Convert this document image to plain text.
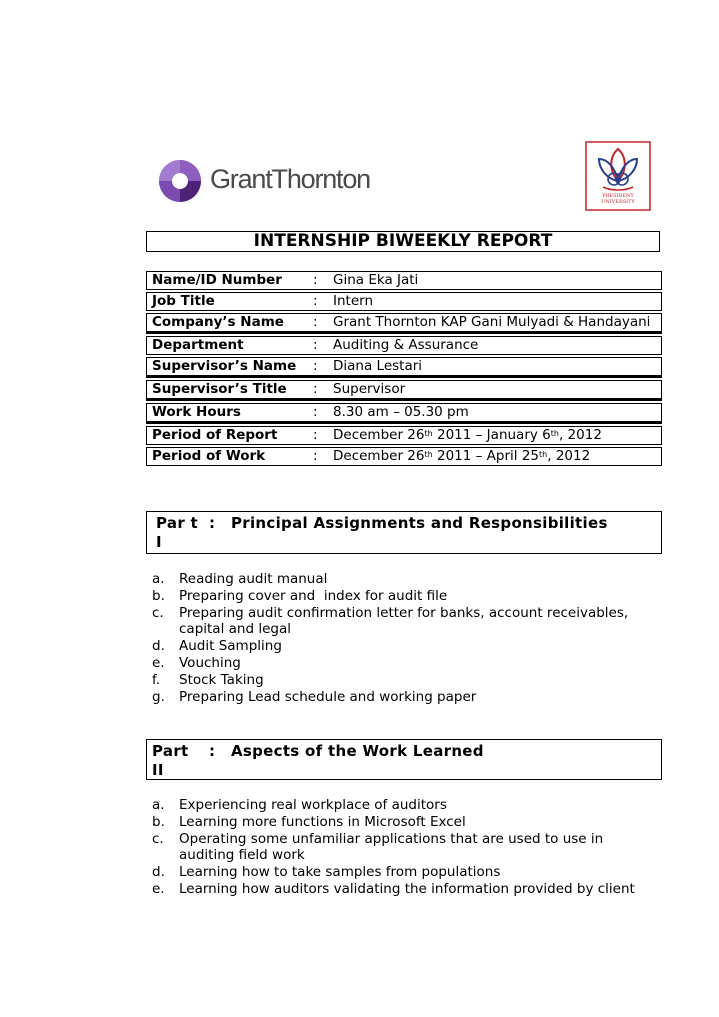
GrantThornton
PRESIDENT UNIVERSITY
INTERNSHIP BIWEEKLY REPORT
Name/ID Number	:	Gina Eka Jati
Job Title	:	Intern
Company’s Name	:	Grant Thornton KAP Gani Mulyadi & Handayani
Department	:	Auditing & Assurance
Supervisor’s Name	:	Diana Lestari
Supervisor’s Title	:	Supervisor
Work Hours	:	8.30 am – 05.30 pm
Period of Report	:	December 26th 2011 – January 6th, 2012
Period of Work	:	December 26th 2011 – April 25th, 2012
Par t I
: Principal Assignments and Responsibilities
a.	Reading audit manual
b.	Preparing cover and  index for audit file
c.	Preparing audit confirmation letter for banks, account receivables, capital and legal
d.	Audit Sampling
e.	Vouching
f.	Stock Taking
g.	Preparing Lead schedule and working paper
Part II
: Aspects of the Work Learned
a.	Experiencing real workplace of auditors
b.	Learning more functions in Microsoft Excel
c.	Operating some unfamiliar applications that are used to use in auditing field work
d.	Learning how to take samples from populations
e.	Learning how auditors validating the information provided by client
